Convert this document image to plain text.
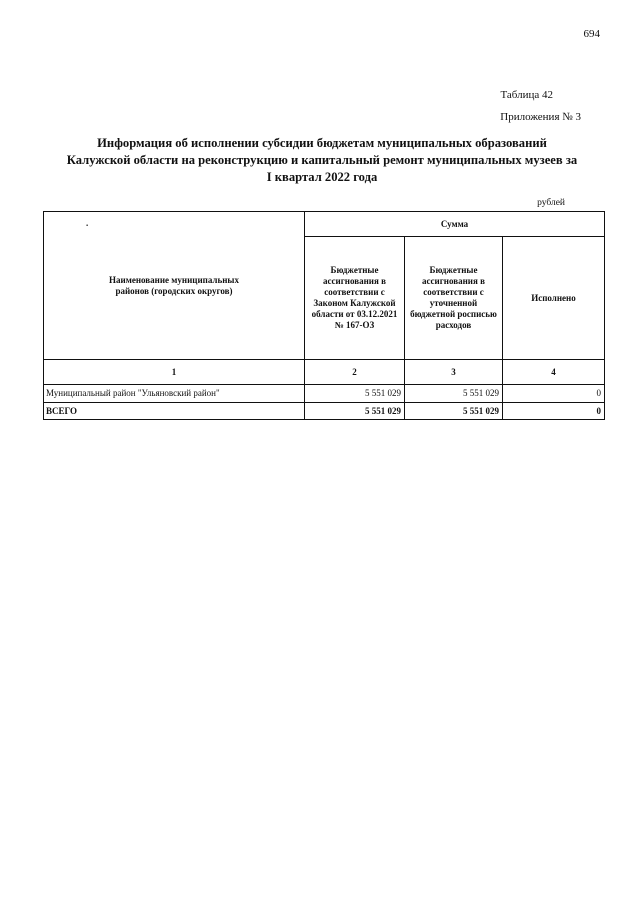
694
Таблица 42
Приложения № 3
Информация об исполнении субсидии бюджетам муниципальных образований
Калужской области на реконструкцию и капитальный ремонт муниципальных музеев за
I квартал 2022 года
рублей
.
Наименование муниципальных районов (городских округов)	Сумма		
	Бюджетные ассигнования в соответствии с Законом Калужской области от 03.12.2021 № 167-ОЗ	Бюджетные ассигнования в соответствии с уточненной бюджетной росписью расходов	Исполнено
1	2	3	4
Муниципальный район "Ульяновский район"	5 551 029	5 551 029	0
ВСЕГО	5 551 029	5 551 029	0
